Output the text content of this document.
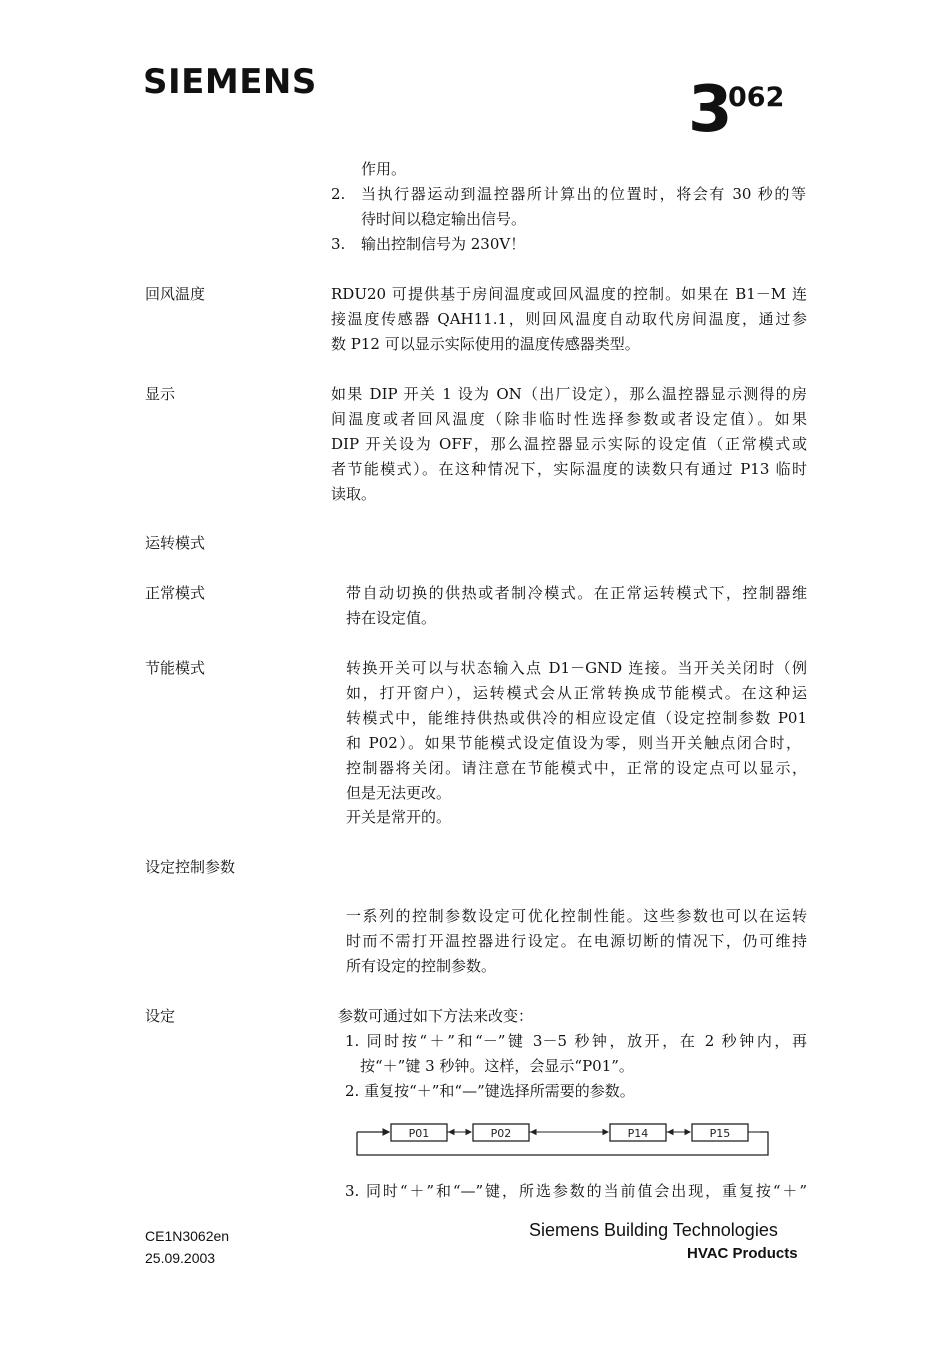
SIEMENS	3
062
作用。
2. 当执行器运动到温控器所计算出的位置时，将会有 30 秒的等
待时间以稳定输出信号。
3. 输出控制信号为 230V！
回风温度	RDU20 可提供基于房间温度或回风温度的控制。如果在 B1－M 连
接温度传感器 QAH11.1，则回风温度自动取代房间温度，通过参
数 P12 可以显示实际使用的温度传感器类型。
显示	如果 DIP 开关 1 设为 ON（出厂设定），那么温控器显示测得的房
间温度或者回风温度（除非临时性选择参数或者设定值）。如果
DIP 开关设为 OFF，那么温控器显示实际的设定值（正常模式或
者节能模式）。在这种情况下，实际温度的读数只有通过 P13 临时
读取。
运转模式
正常模式	带自动切换的供热或者制冷模式。在正常运转模式下，控制器维
持在设定值。
节能模式	转换开关可以与状态输入点 D1－GND 连接。当开关关闭时（例
如，打开窗户），运转模式会从正常转换成节能模式。在这种运
转模式中，能维持供热或供冷的相应设定值（设定控制参数 P01
和 P02）。如果节能模式设定值设为零，则当开关触点闭合时，
控制器将关闭。请注意在节能模式中，正常的设定点可以显示，
但是无法更改。
开关是常开的。
设定控制参数
一系列的控制参数设定可优化控制性能。这些参数也可以在运转
时而不需打开温控器进行设定。在电源切断的情况下，仍可维持
所有设定的控制参数。
设定	参数可通过如下方法来改变：
1. 同时按“＋”和“－”键 3－5 秒钟，放开，在 2 秒钟内，再
按“＋”键 3 秒钟。这样，会显示“P01”。
2. 重复按“＋”和“—”键选择所需要的参数。
P01	P02	P14	P15
3. 同时“＋”和“—”键，所选参数的当前值会出现，重复按“＋”
CE1N3062en
25.09.2003
Siemens Building Technologies
HVAC Products
